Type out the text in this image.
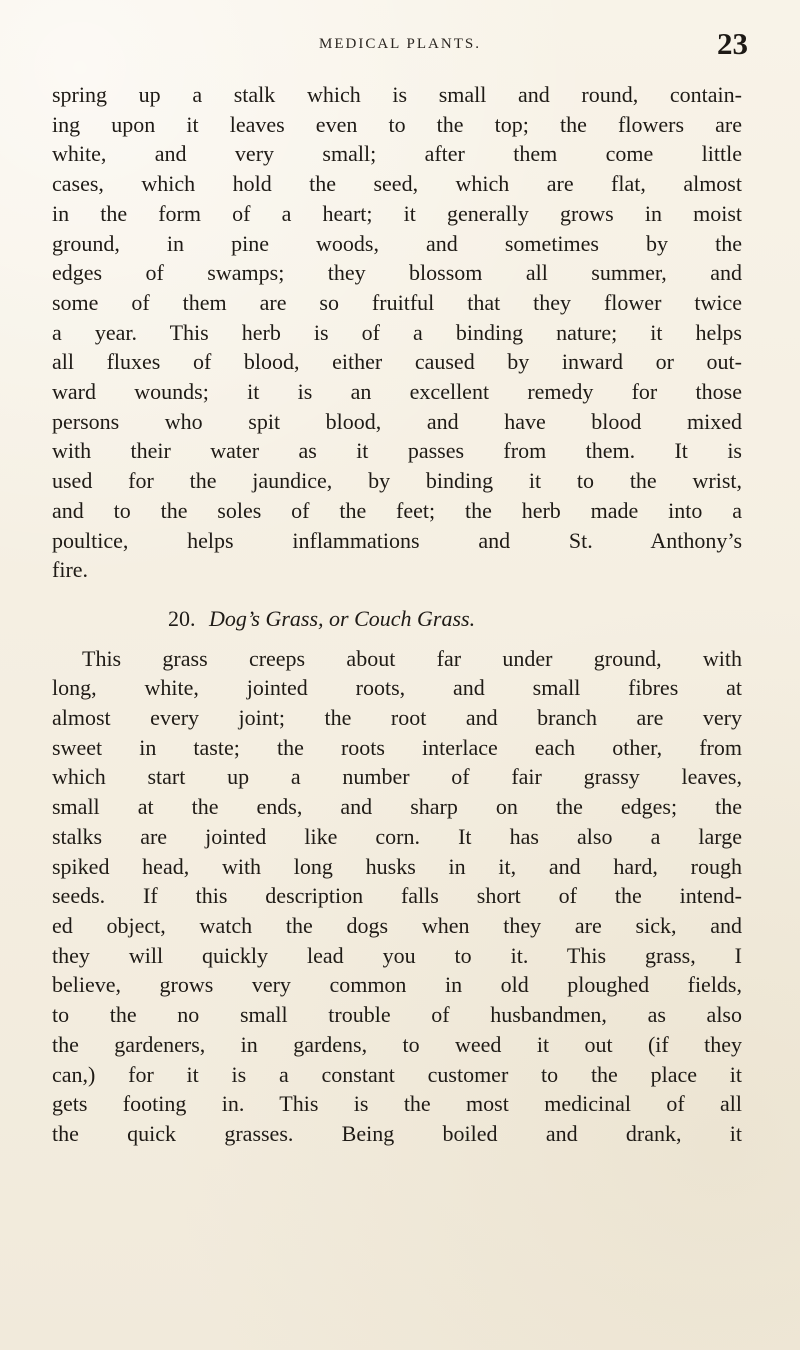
MEDICAL PLANTS.	23
spring up a stalk which is small and round, contain-
ing upon it leaves even to the top; the flowers are
white, and very small; after them come little
cases, which hold the seed, which are flat, almost
in the form of a heart; it generally grows in moist
ground, in pine woods, and sometimes by the
edges of swamps; they blossom all summer, and
some of them are so fruitful that they flower twice
a year. This herb is of a binding nature; it helps
all fluxes of blood, either caused by inward or out-
ward wounds; it is an excellent remedy for those
persons who spit blood, and have blood mixed
with their water as it passes from them. It is
used for the jaundice, by binding it to the wrist,
and to the soles of the feet; the herb made into a
poultice, helps inflammations and St. Anthony’s
fire.
20. Dog’s Grass, or Couch Grass.
This grass creeps about far under ground, with
long, white, jointed roots, and small fibres at
almost every joint; the root and branch are very
sweet in taste; the roots interlace each other, from
which start up a number of fair grassy leaves,
small at the ends, and sharp on the edges; the
stalks are jointed like corn. It has also a large
spiked head, with long husks in it, and hard, rough
seeds. If this description falls short of the intend-
ed object, watch the dogs when they are sick, and
they will quickly lead you to it. This grass, I
believe, grows very common in old ploughed fields,
to the no small trouble of husbandmen, as also
the gardeners, in gardens, to weed it out (if they
can,) for it is a constant customer to the place it
gets footing in. This is the most medicinal of all
the quick grasses. Being boiled and drank, it
